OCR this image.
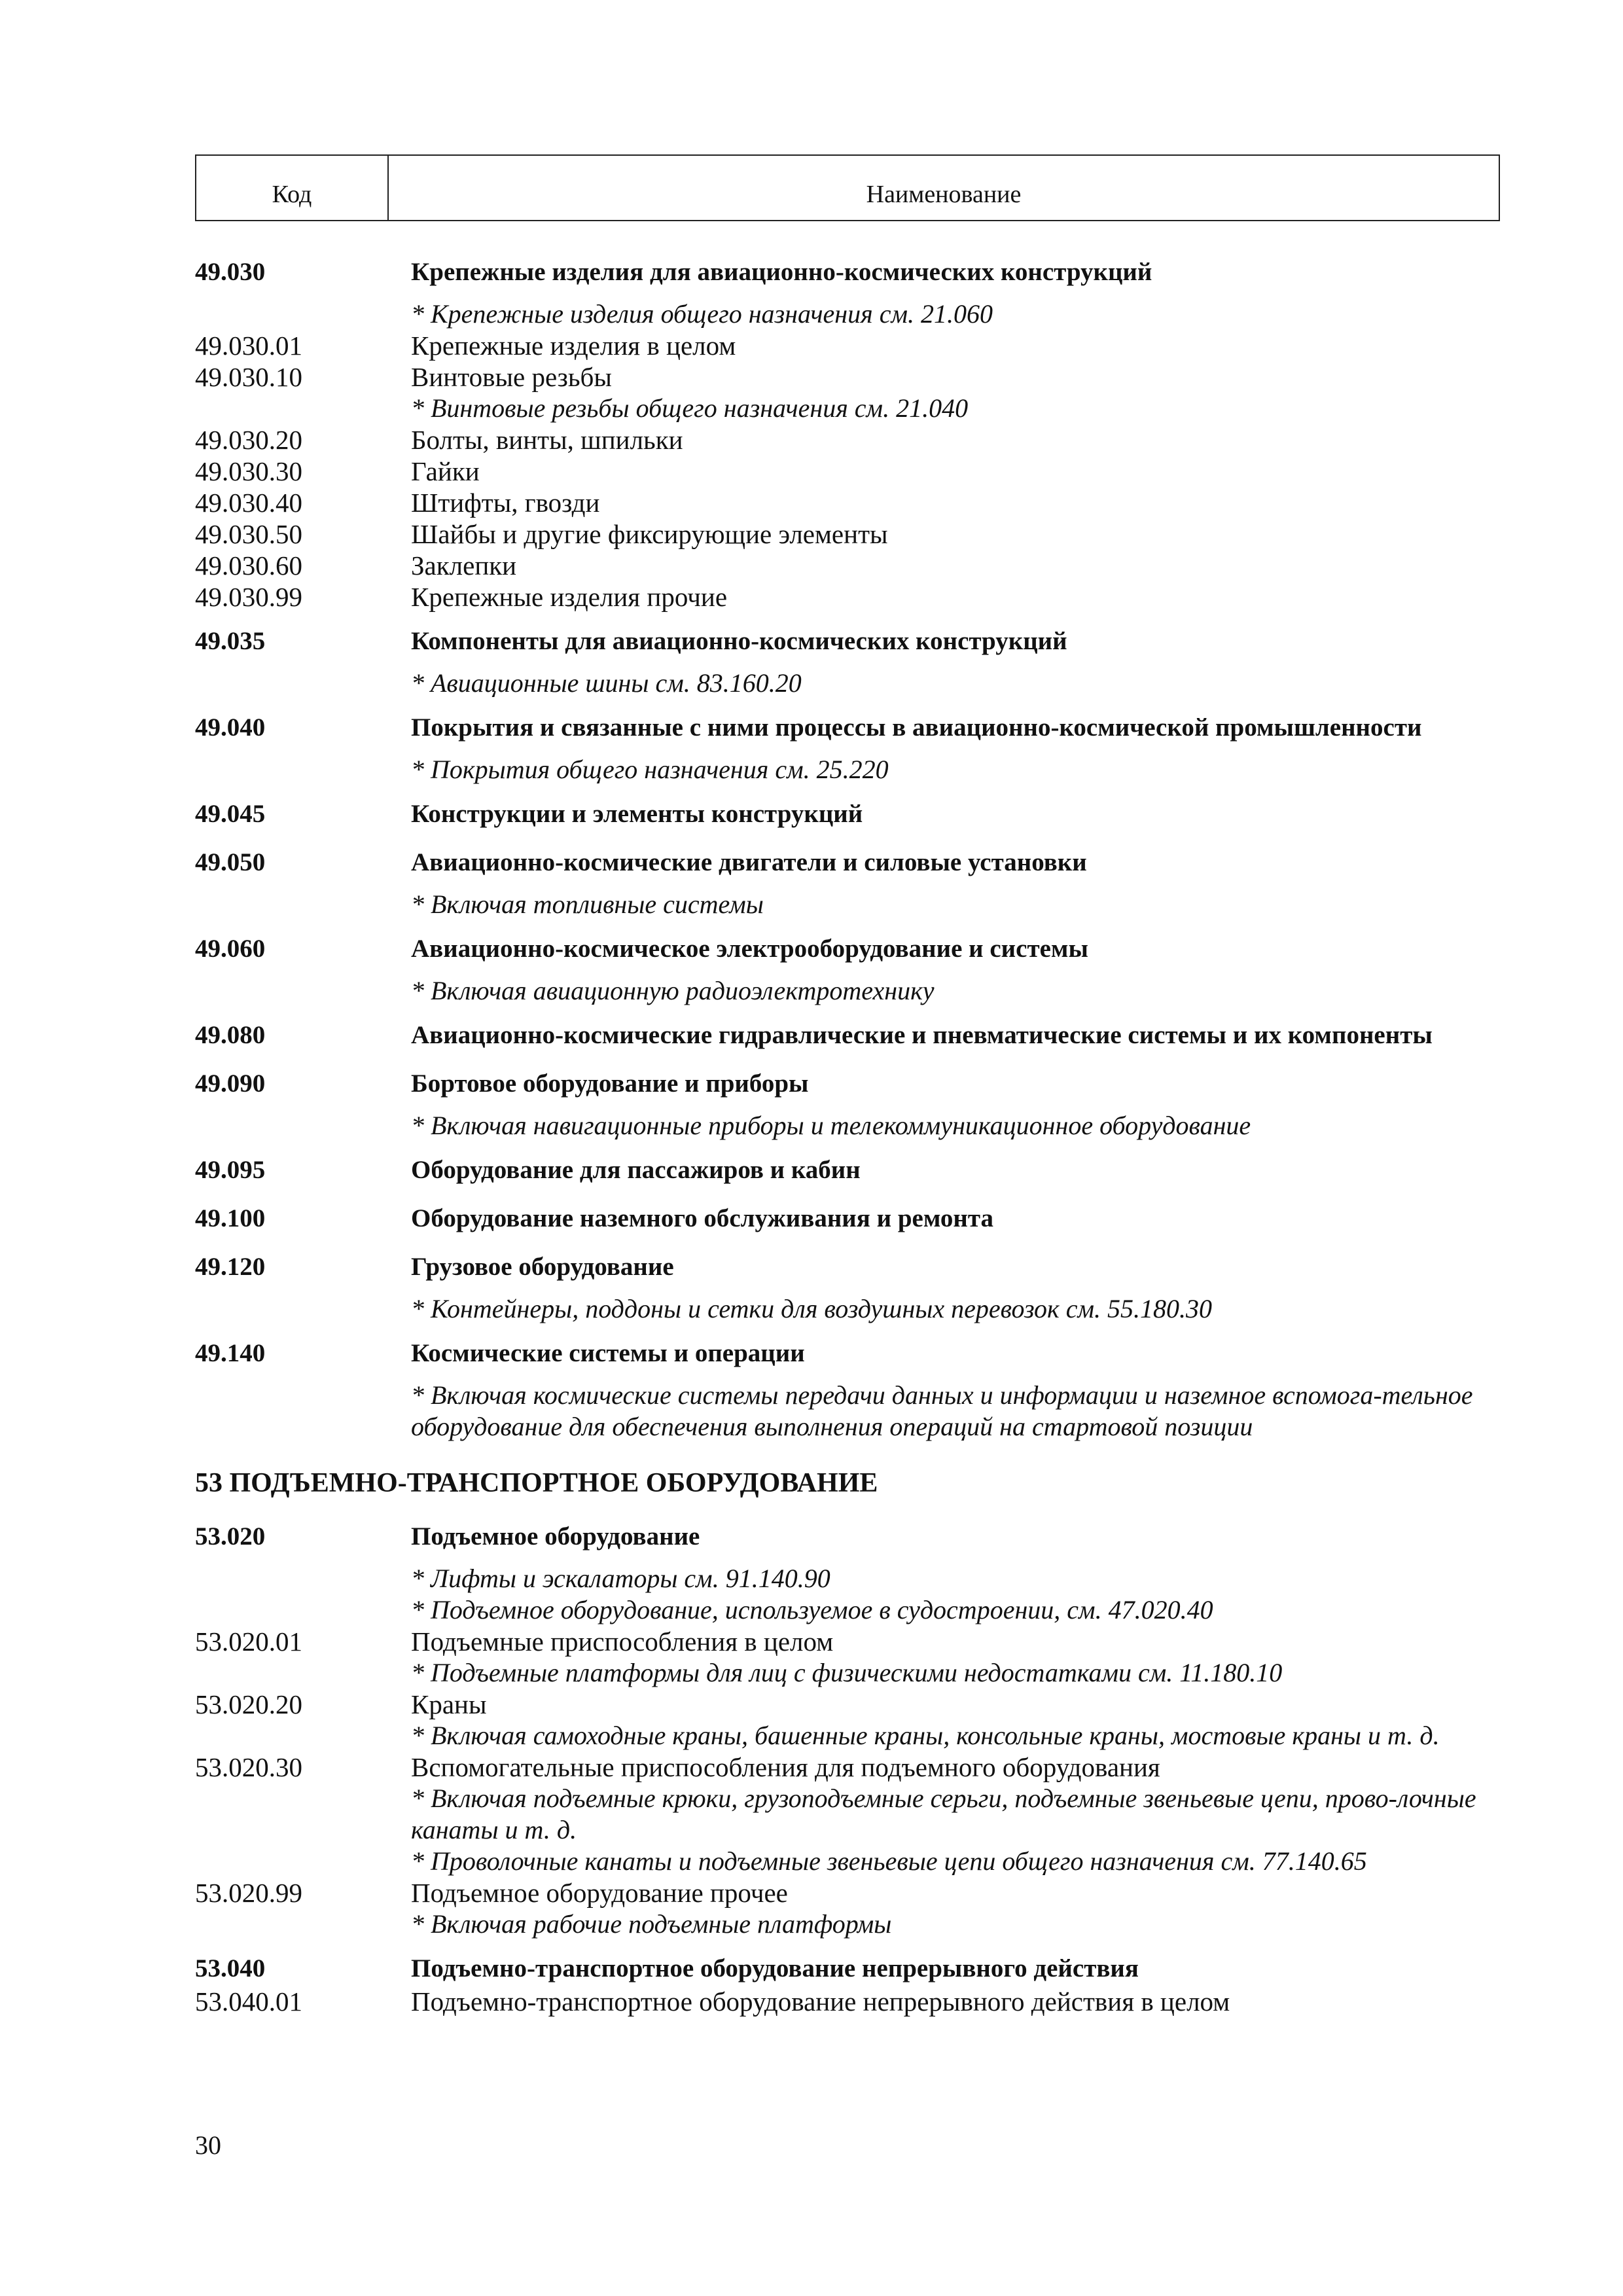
Код	Наименование
49.030	Крепежные изделия для авиационно-космических конструкций
* Крепежные изделия общего назначения см. 21.060
49.030.01	Крепежные изделия в целом
49.030.10	Винтовые резьбы
* Винтовые резьбы общего назначения см. 21.040
49.030.20	Болты, винты, шпильки
49.030.30	Гайки
49.030.40	Штифты, гвозди
49.030.50	Шайбы и другие фиксирующие элементы
49.030.60	Заклепки
49.030.99	Крепежные изделия прочие
49.035	Компоненты для авиационно-космических конструкций
* Авиационные шины см. 83.160.20
49.040	Покрытия и связанные с ними процессы в авиационно-космической промышленности
* Покрытия общего назначения см. 25.220
49.045	Конструкции и элементы конструкций
49.050	Авиационно-космические двигатели и силовые установки
* Включая топливные системы
49.060	Авиационно-космическое электрооборудование и системы
* Включая авиационную радиоэлектротехнику
49.080	Авиационно-космические гидравлические и пневматические системы и их компоненты
49.090	Бортовое оборудование и приборы
* Включая навигационные приборы и телекоммуникационное оборудование
49.095	Оборудование для пассажиров и кабин
49.100	Оборудование наземного обслуживания и ремонта
49.120	Грузовое оборудование
* Контейнеры, поддоны и сетки для воздушных перевозок см. 55.180.30
49.140	Космические системы и операции
* Включая космические системы передачи данных и информации и наземное вспомога-тельное оборудование для обеспечения выполнения операций на стартовой позиции
53 ПОДЪЕМНО-ТРАНСПОРТНОЕ ОБОРУДОВАНИЕ
53.020	Подъемное оборудование
* Лифты и эскалаторы см. 91.140.90
* Подъемное оборудование, используемое в судостроении, см. 47.020.40
53.020.01	Подъемные приспособления в целом
* Подъемные платформы для лиц с физическими недостатками см. 11.180.10
53.020.20	Краны
* Включая самоходные краны, башенные краны, консольные краны, мостовые краны и т. д.
53.020.30	Вспомогательные приспособления для подъемного оборудования
* Включая подъемные крюки, грузоподъемные серьги, подъемные звеньевые цепи, прово-лочные канаты и т. д.
* Проволочные канаты и подъемные звеньевые цепи общего назначения см. 77.140.65
53.020.99	Подъемное оборудование прочее
* Включая рабочие подъемные платформы
53.040	Подъемно-транспортное оборудование непрерывного действия
53.040.01	Подъемно-транспортное оборудование непрерывного действия в целом
30
